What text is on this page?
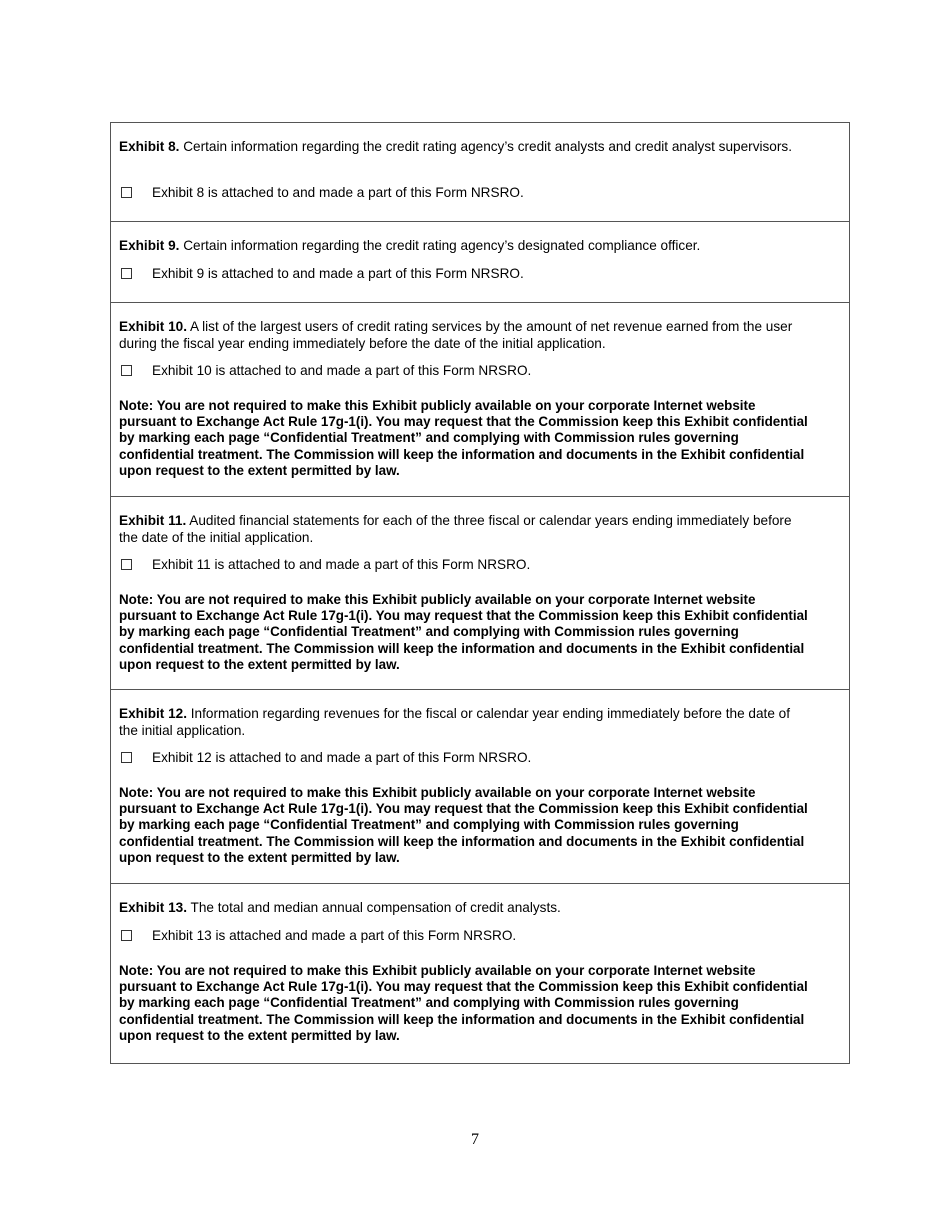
Exhibit 8. Certain information regarding the credit rating agency’s credit analysts and credit analyst supervisors.

Exhibit 8 is attached to and made a part of this Form NRSRO.

Exhibit 9. Certain information regarding the credit rating agency’s designated compliance officer.

Exhibit 9 is attached to and made a part of this Form NRSRO.

Exhibit 10. A list of the largest users of credit rating services by the amount of net revenue earned from the user during the fiscal year ending immediately before the date of the initial application.

Exhibit 10 is attached to and made a part of this Form NRSRO.

Note: You are not required to make this Exhibit publicly available on your corporate Internet website pursuant to Exchange Act Rule 17g-1(i). You may request that the Commission keep this Exhibit confidential by marking each page “Confidential Treatment” and complying with Commission rules governing confidential treatment. The Commission will keep the information and documents in the Exhibit confidential upon request to the extent permitted by law.

Exhibit 11. Audited financial statements for each of the three fiscal or calendar years ending immediately before the date of the initial application.

Exhibit 11 is attached to and made a part of this Form NRSRO.

Note: You are not required to make this Exhibit publicly available on your corporate Internet website pursuant to Exchange Act Rule 17g-1(i). You may request that the Commission keep this Exhibit confidential by marking each page “Confidential Treatment” and complying with Commission rules governing confidential treatment. The Commission will keep the information and documents in the Exhibit confidential upon request to the extent permitted by law.

Exhibit 12. Information regarding revenues for the fiscal or calendar year ending immediately before the date of the initial application.

Exhibit 12 is attached to and made a part of this Form NRSRO.

Note: You are not required to make this Exhibit publicly available on your corporate Internet website pursuant to Exchange Act Rule 17g-1(i). You may request that the Commission keep this Exhibit confidential by marking each page “Confidential Treatment” and complying with Commission rules governing confidential treatment. The Commission will keep the information and documents in the Exhibit confidential upon request to the extent permitted by law.

Exhibit 13. The total and median annual compensation of credit analysts.

Exhibit 13 is attached and made a part of this Form NRSRO.

Note: You are not required to make this Exhibit publicly available on your corporate Internet website pursuant to Exchange Act Rule 17g-1(i). You may request that the Commission keep this Exhibit confidential by marking each page “Confidential Treatment” and complying with Commission rules governing confidential treatment. The Commission will keep the information and documents in the Exhibit confidential upon request to the extent permitted by law.

7
